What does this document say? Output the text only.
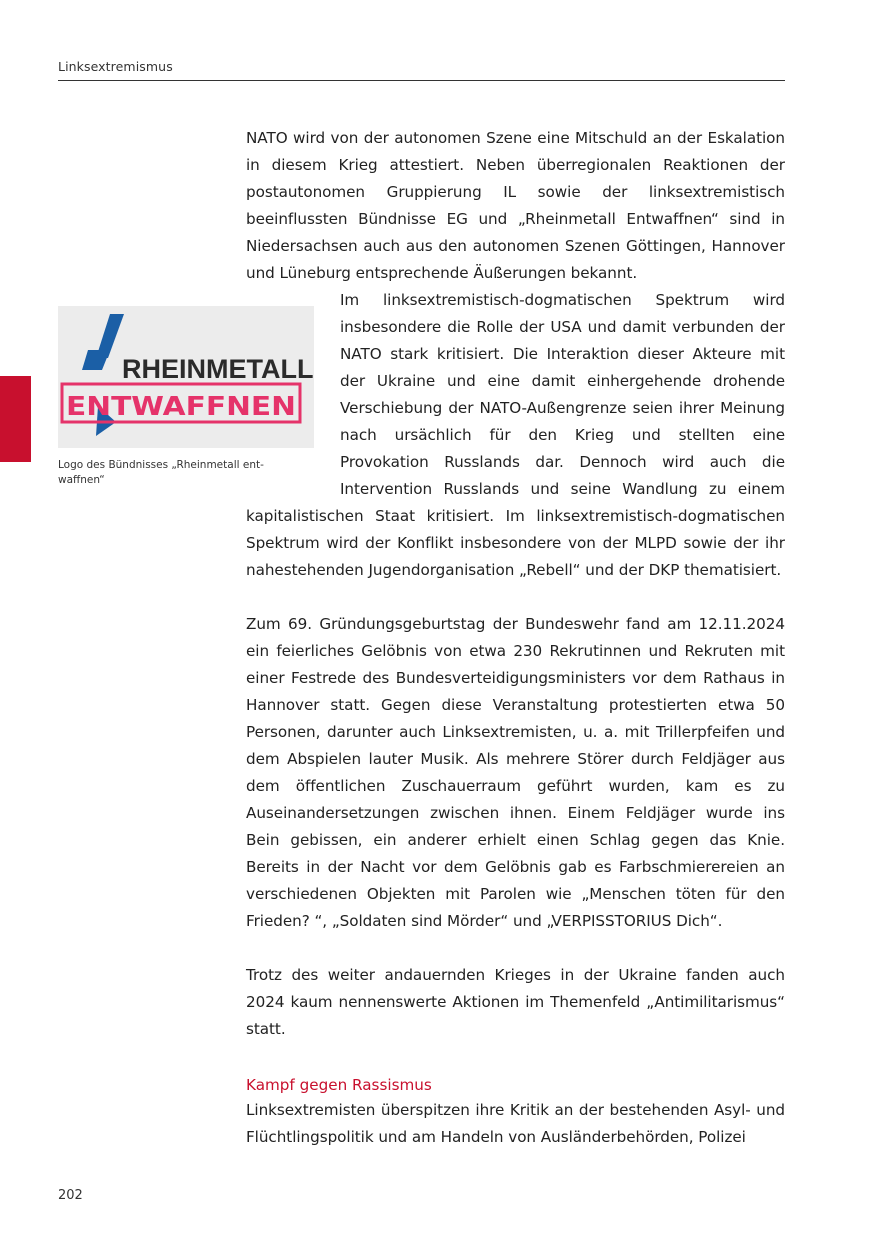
Linksextremismus

NATO wird von der autonomen Szene eine Mitschuld an der Eskalation in diesem Krieg attestiert. Neben überregionalen Reaktionen der postautonomen Gruppierung IL sowie der linksextremistisch beeinflussten Bündnisse EG und „Rheinmetall Entwaffnen“ sind in Niedersachsen auch aus den autonomen Szenen Göttingen, Hannover und Lüneburg entsprechende Äußerungen bekannt.

Im linksextremistisch-dogmatischen Spektrum wird insbesondere die Rolle der USA und damit verbunden der NATO stark kritisiert. Die Interaktion dieser Akteure mit der Ukraine und eine damit einhergehende drohende Verschiebung der NATO-Außengrenze seien ihrer Meinung nach ursächlich für den Krieg und stellten eine Provokation Russlands dar. Dennoch wird auch die Intervention Russlands und seine Wandlung zu einem kapitalistischen Staat kritisiert. Im linksextremistisch-dogmatischen Spektrum wird der Konflikt insbesondere von der MLPD sowie der ihr nahestehenden Jugendorganisation „Rebell“ und der DKP thematisiert.

RHEINMETALL
ENTWAFFNEN
Logo des Bündnisses „Rheinmetall ent- waffnen“

Zum 69. Gründungsgeburtstag der Bundeswehr fand am 12.11.2024 ein feierliches Gelöbnis von etwa 230 Rekrutinnen und Rekruten mit einer Festrede des Bundesverteidigungsministers vor dem Rathaus in Hannover statt. Gegen diese Veranstaltung protestierten etwa 50 Personen, darunter auch Linksextremisten, u. a. mit Trillerpfeifen und dem Abspielen lauter Musik. Als mehrere Störer durch Feldjäger aus dem öffentlichen Zuschauerraum geführt wurden, kam es zu Auseinandersetzungen zwischen ihnen. Einem Feldjäger wurde ins Bein gebissen, ein anderer erhielt einen Schlag gegen das Knie. Bereits in der Nacht vor dem Gelöbnis gab es Farbschmierereien an verschiedenen Objekten mit Parolen wie „Menschen töten für den Frieden? “, „Soldaten sind Mörder“ und „VERPISSTORIUS Dich“.

Trotz des weiter andauernden Krieges in der Ukraine fanden auch 2024 kaum nennenswerte Aktionen im Themenfeld „Antimilitarismus“ statt.

Kampf gegen Rassismus

Linksextremisten überspitzen ihre Kritik an der bestehenden Asyl- und Flüchtlingspolitik und am Handeln von Ausländerbehörden, Polizei

202
